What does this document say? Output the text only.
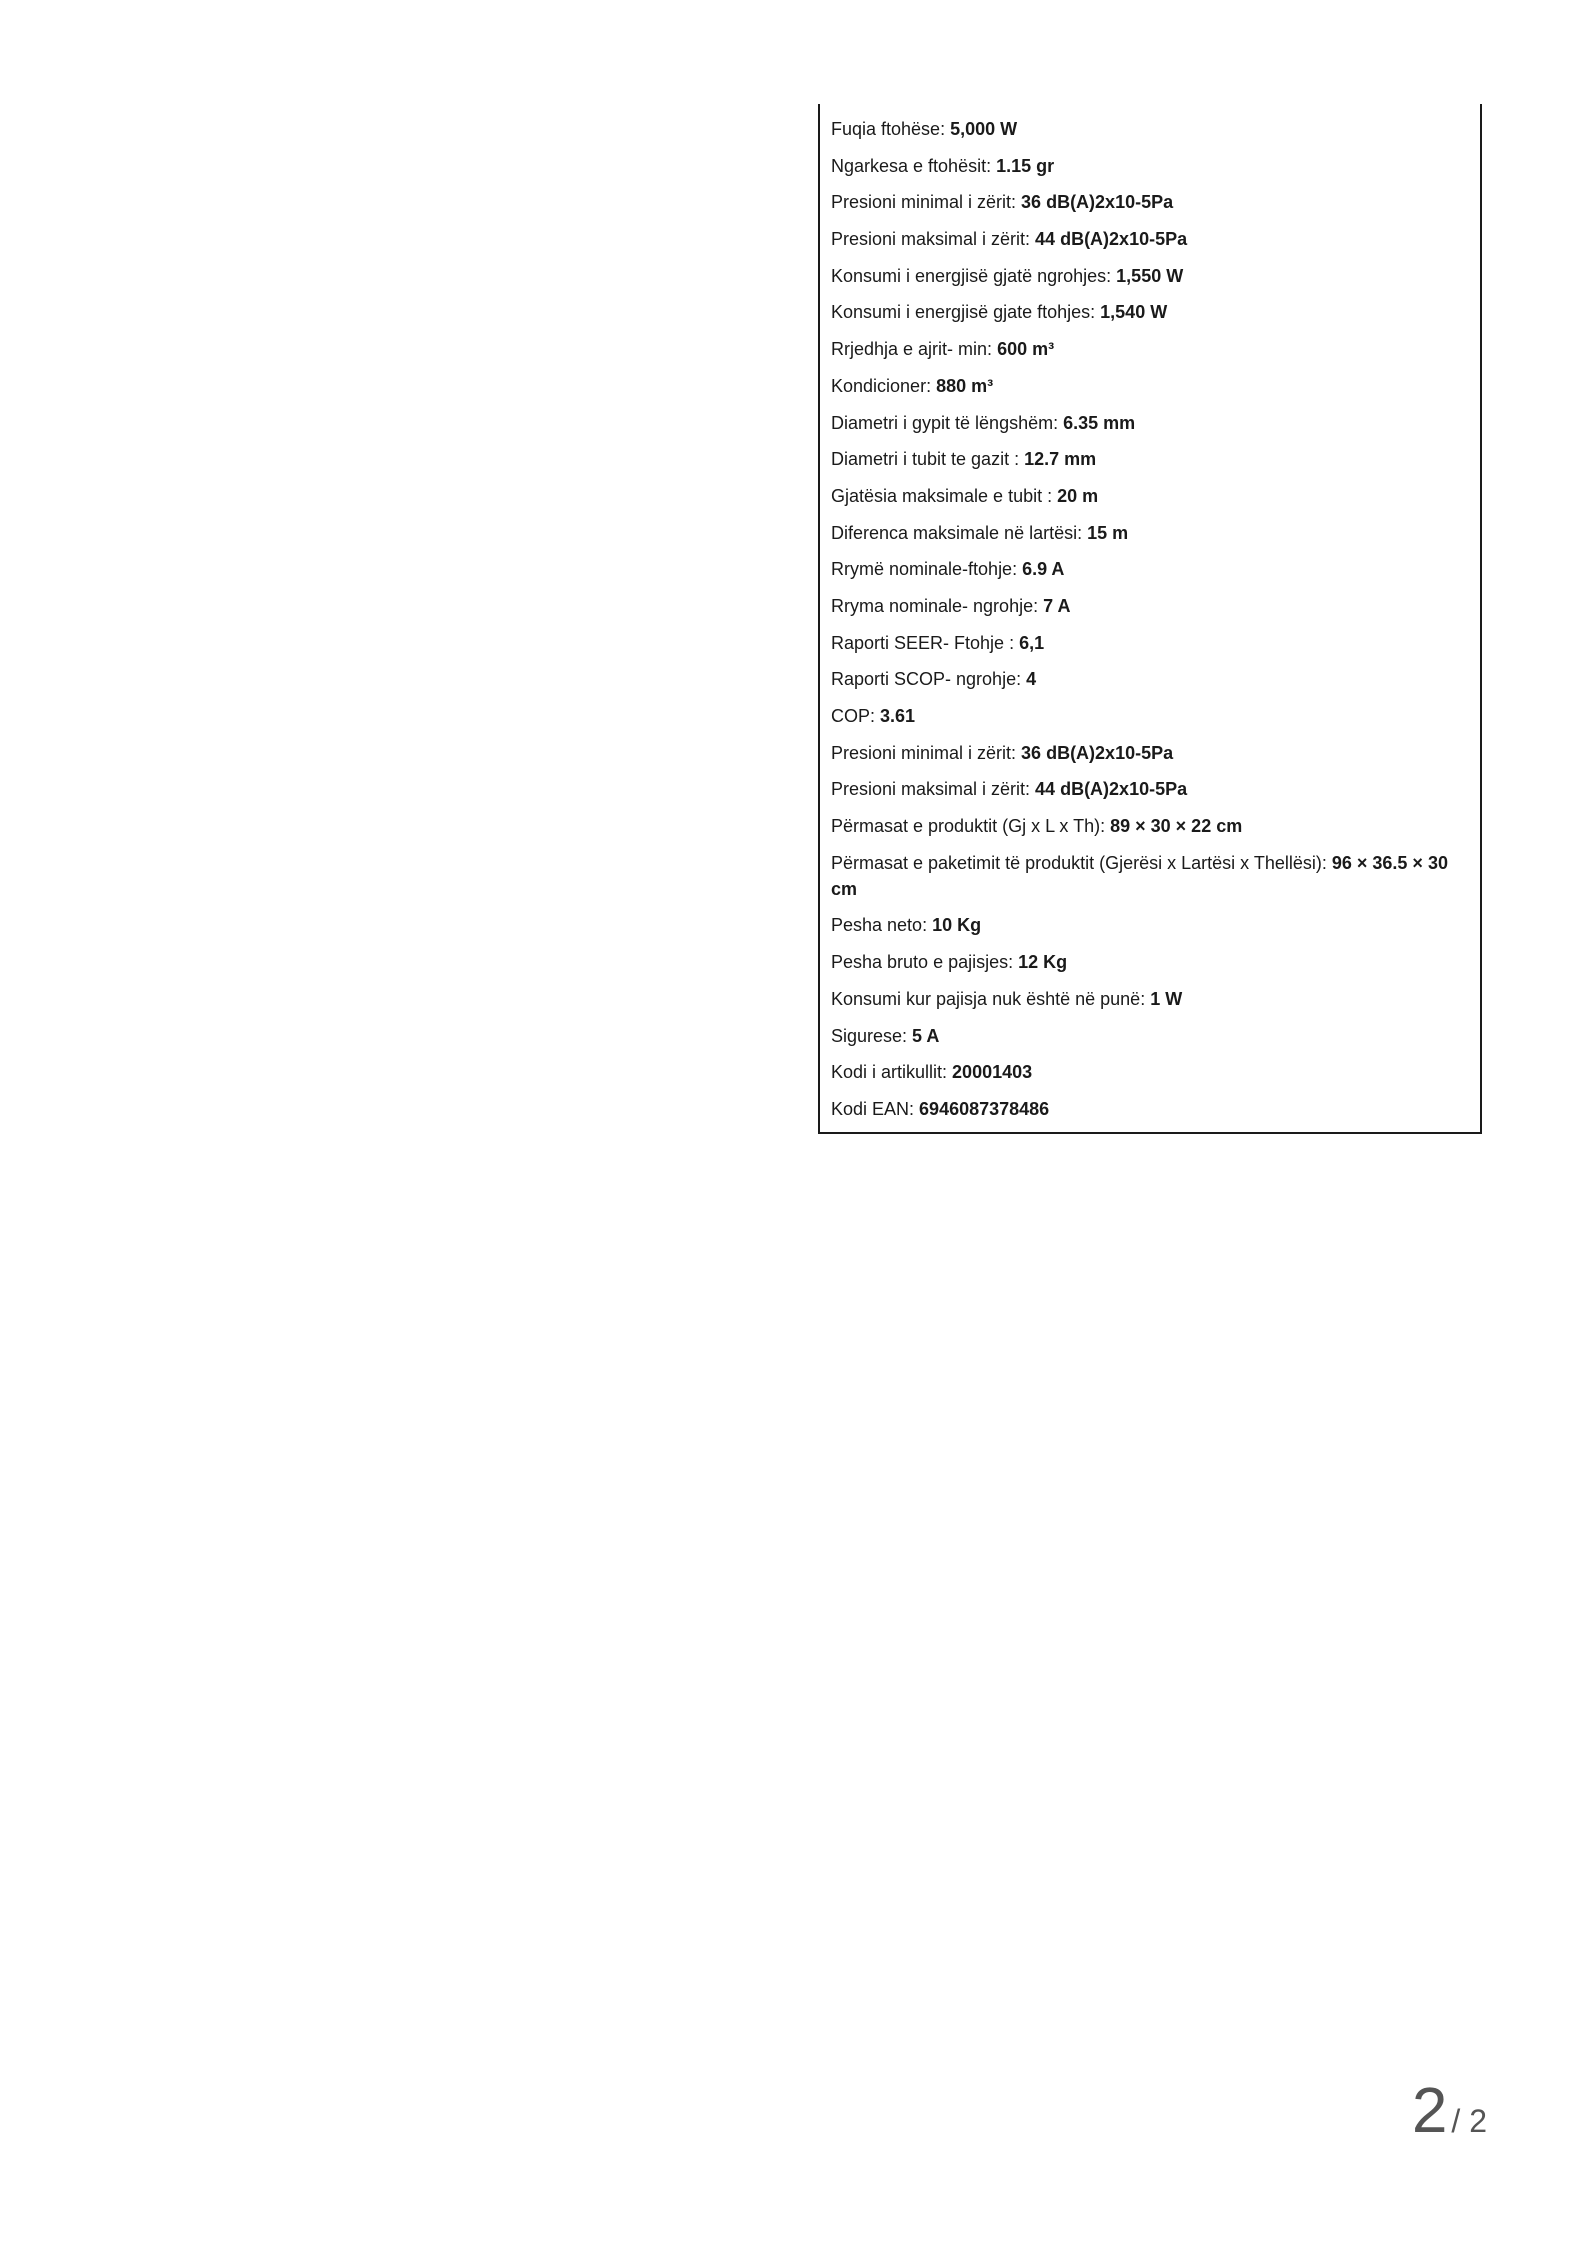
Fuqia ftohëse: 5,000 W
Ngarkesa e ftohësit: 1.15 gr
Presioni minimal i zërit: 36 dB(A)2x10-5Pa
Presioni maksimal i zërit: 44 dB(A)2x10-5Pa
Konsumi i energjisë gjatë ngrohjes: 1,550 W
Konsumi i energjisë gjate ftohjes: 1,540 W
Rrjedhja e ajrit- min: 600 m³
Kondicioner: 880 m³
Diametri i gypit të lëngshëm: 6.35 mm
Diametri i tubit te gazit : 12.7 mm
Gjatësia maksimale e tubit : 20 m
Diferenca maksimale në lartësi: 15 m
Rrymë nominale-ftohje: 6.9 A
Rryma nominale- ngrohje: 7 A
Raporti SEER- Ftohje : 6,1
Raporti SCOP- ngrohje: 4
COP: 3.61
Presioni minimal i zërit: 36 dB(A)2x10-5Pa
Presioni maksimal i zërit: 44 dB(A)2x10-5Pa
Përmasat e produktit (Gj x L x Th): 89 × 30 × 22 cm
Përmasat e paketimit të produktit (Gjerësi x Lartësi x Thellësi): 96 × 36.5 × 30 cm
Pesha neto: 10 Kg
Pesha bruto e pajisjes: 12 Kg
Konsumi kur pajisja nuk është në punë: 1 W
Sigurese: 5 A
Kodi i artikullit: 20001403
Kodi EAN: 6946087378486
2 / 2
